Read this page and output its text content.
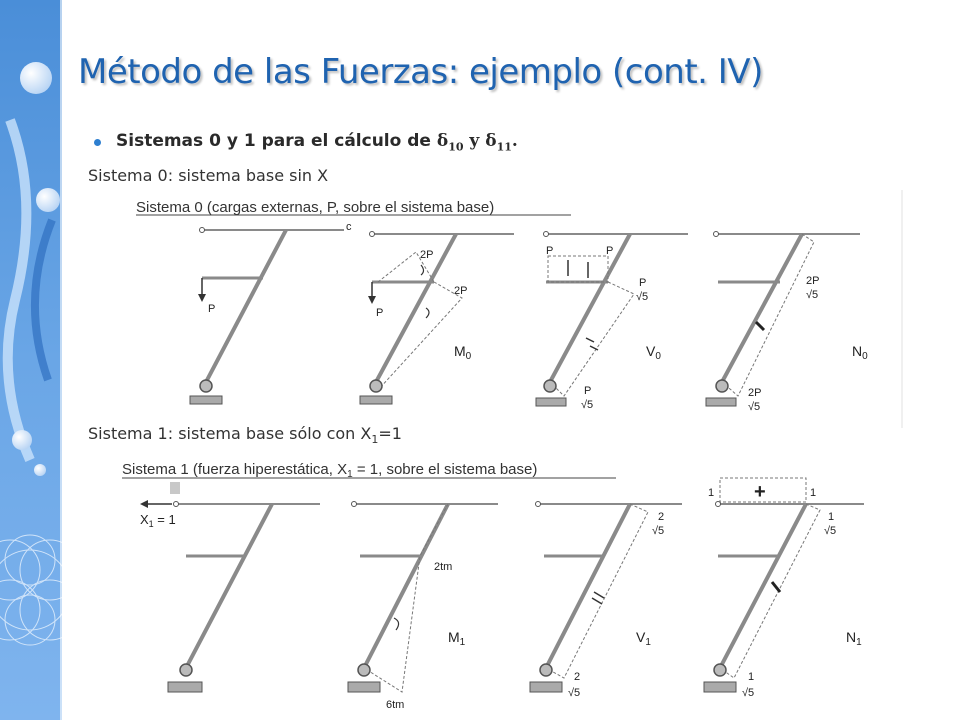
Método de las Fuerzas: ejemplo (cont. IV)
Sistemas 0 y 1 para el cálculo de $\delta_{10}$ y $\delta_{11}$.
Sistema 0: sistema base sin X
Sistema 0 (cargas externas, P, sobre el sistema base)
c
P	P
2P
2P
P	P
P
√5
P
√5
2P
√5
2P
√5
$M_0$	$V_0$	$N_0$
Sistema 1: sistema base sólo con $X_1=1$
Sistema 1 (fuerza hiperestática, $X_1 = 1$, sobre el sistema base)
$X_1 = 1$
2tm
6tm
2
√5
2
√5
1	1
1
√5
1
√5
+
$M_1$	$V_1$	$N_1$
